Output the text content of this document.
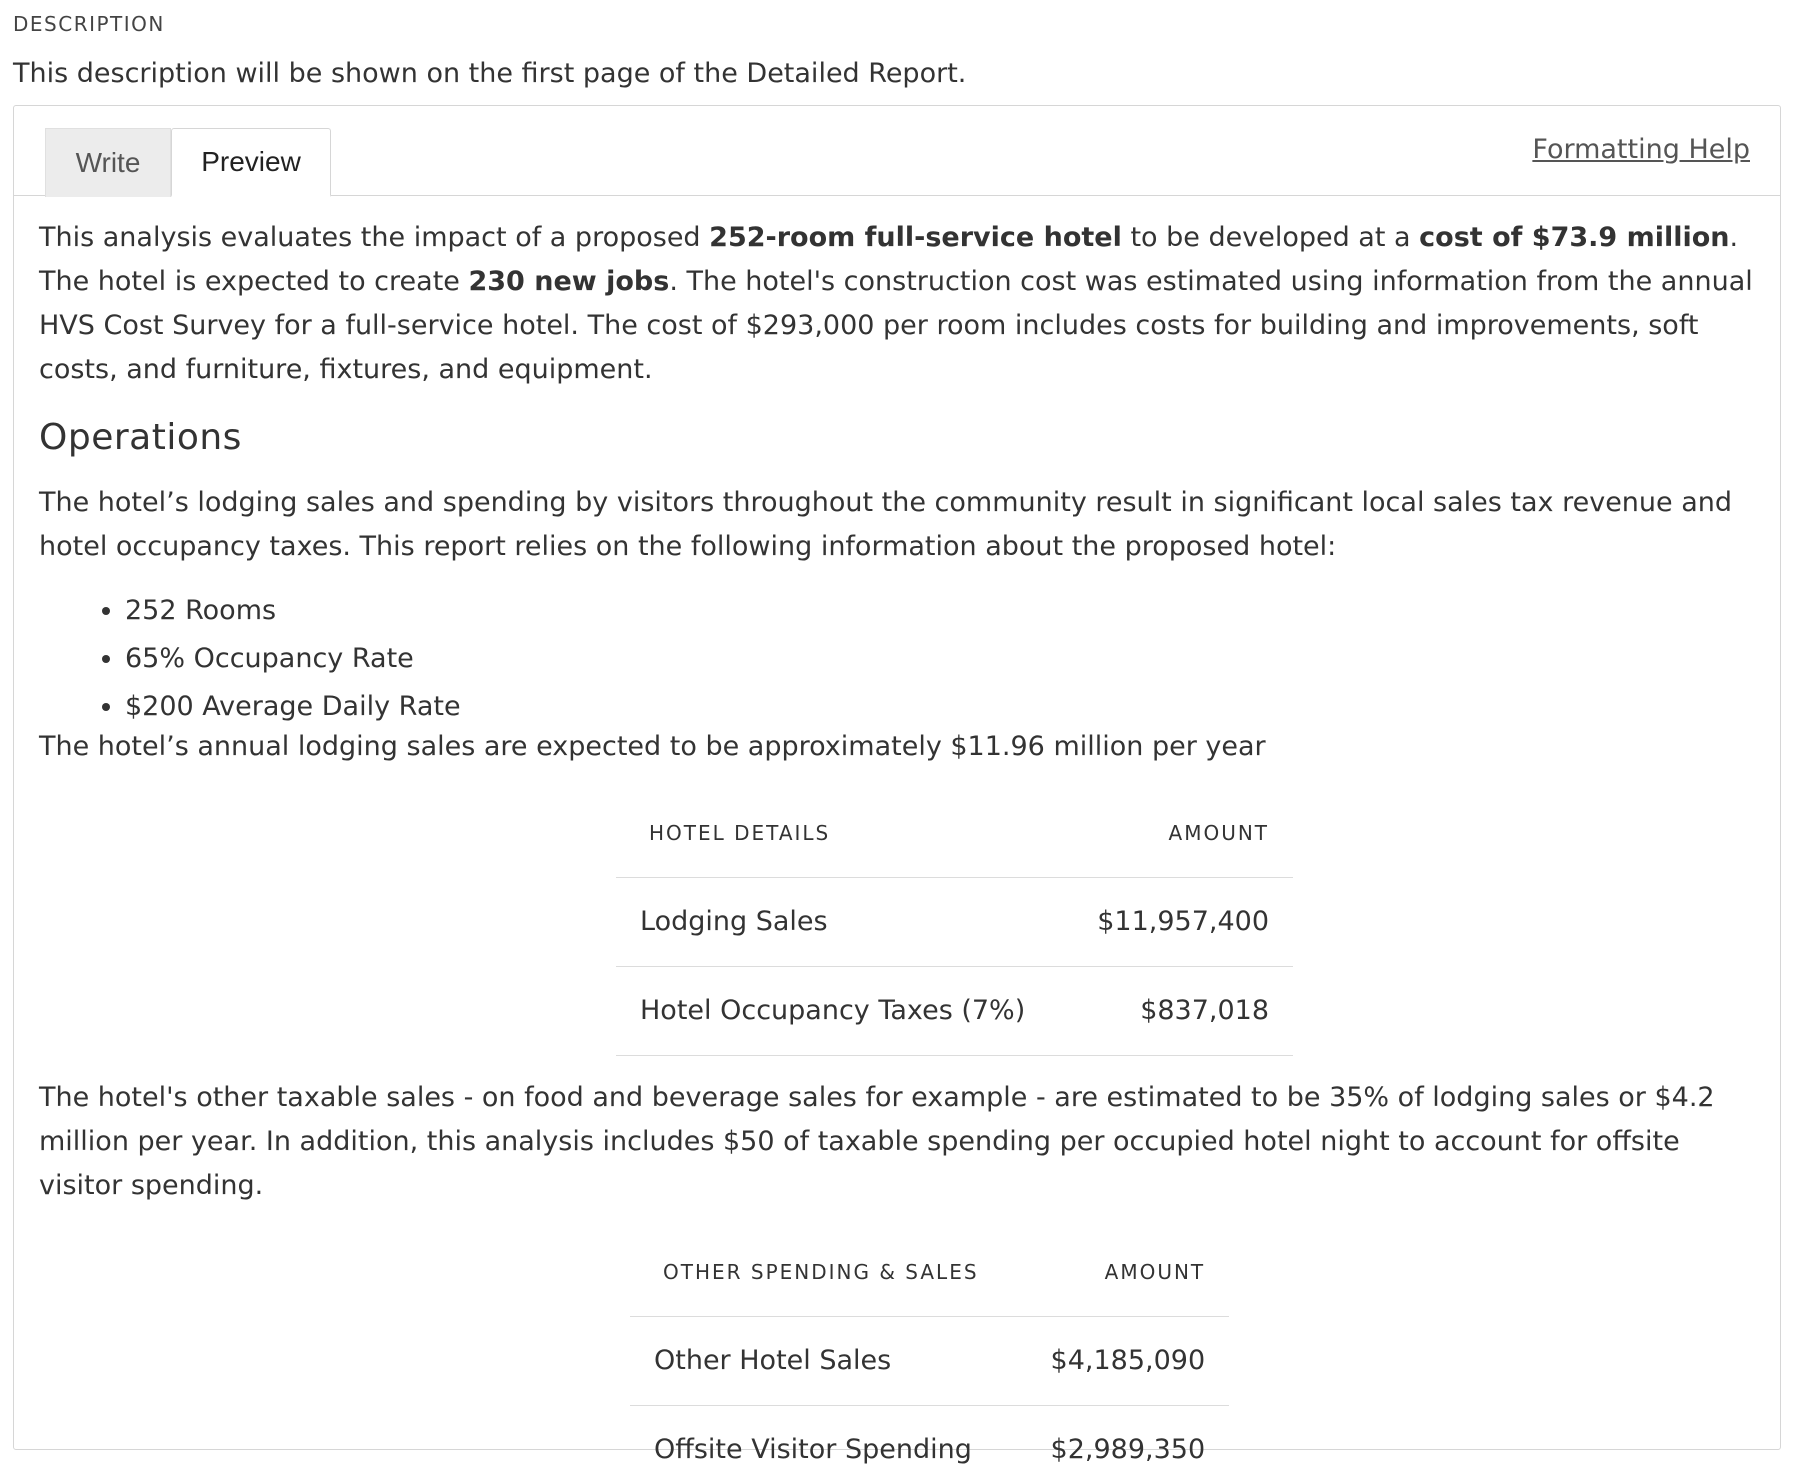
DESCRIPTION

This description will be shown on the first page of the Detailed Report.

Write	Preview	Formatting Help

This analysis evaluates the impact of a proposed 252-room full-service hotel to be developed at a cost of $73.9 million. The hotel is expected to create 230 new jobs. The hotel's construction cost was estimated using information from the annual HVS Cost Survey for a full-service hotel. The cost of $293,000 per room includes costs for building and improvements, soft costs, and furniture, fixtures, and equipment.

Operations

The hotel’s lodging sales and spending by visitors throughout the community result in significant local sales tax revenue and hotel occupancy taxes. This report relies on the following information about the proposed hotel:

• 252 Rooms
• 65% Occupancy Rate
• $200 Average Daily Rate

The hotel’s annual lodging sales are expected to be approximately $11.96 million per year

HOTEL DETAILS	AMOUNT
Lodging Sales	$11,957,400
Hotel Occupancy Taxes (7%)	$837,018

The hotel's other taxable sales - on food and beverage sales for example - are estimated to be 35% of lodging sales or $4.2 million per year. In addition, this analysis includes $50 of taxable spending per occupied hotel night to account for offsite visitor spending.

OTHER SPENDING & SALES	AMOUNT
Other Hotel Sales	$4,185,090
Offsite Visitor Spending	$2,989,350
